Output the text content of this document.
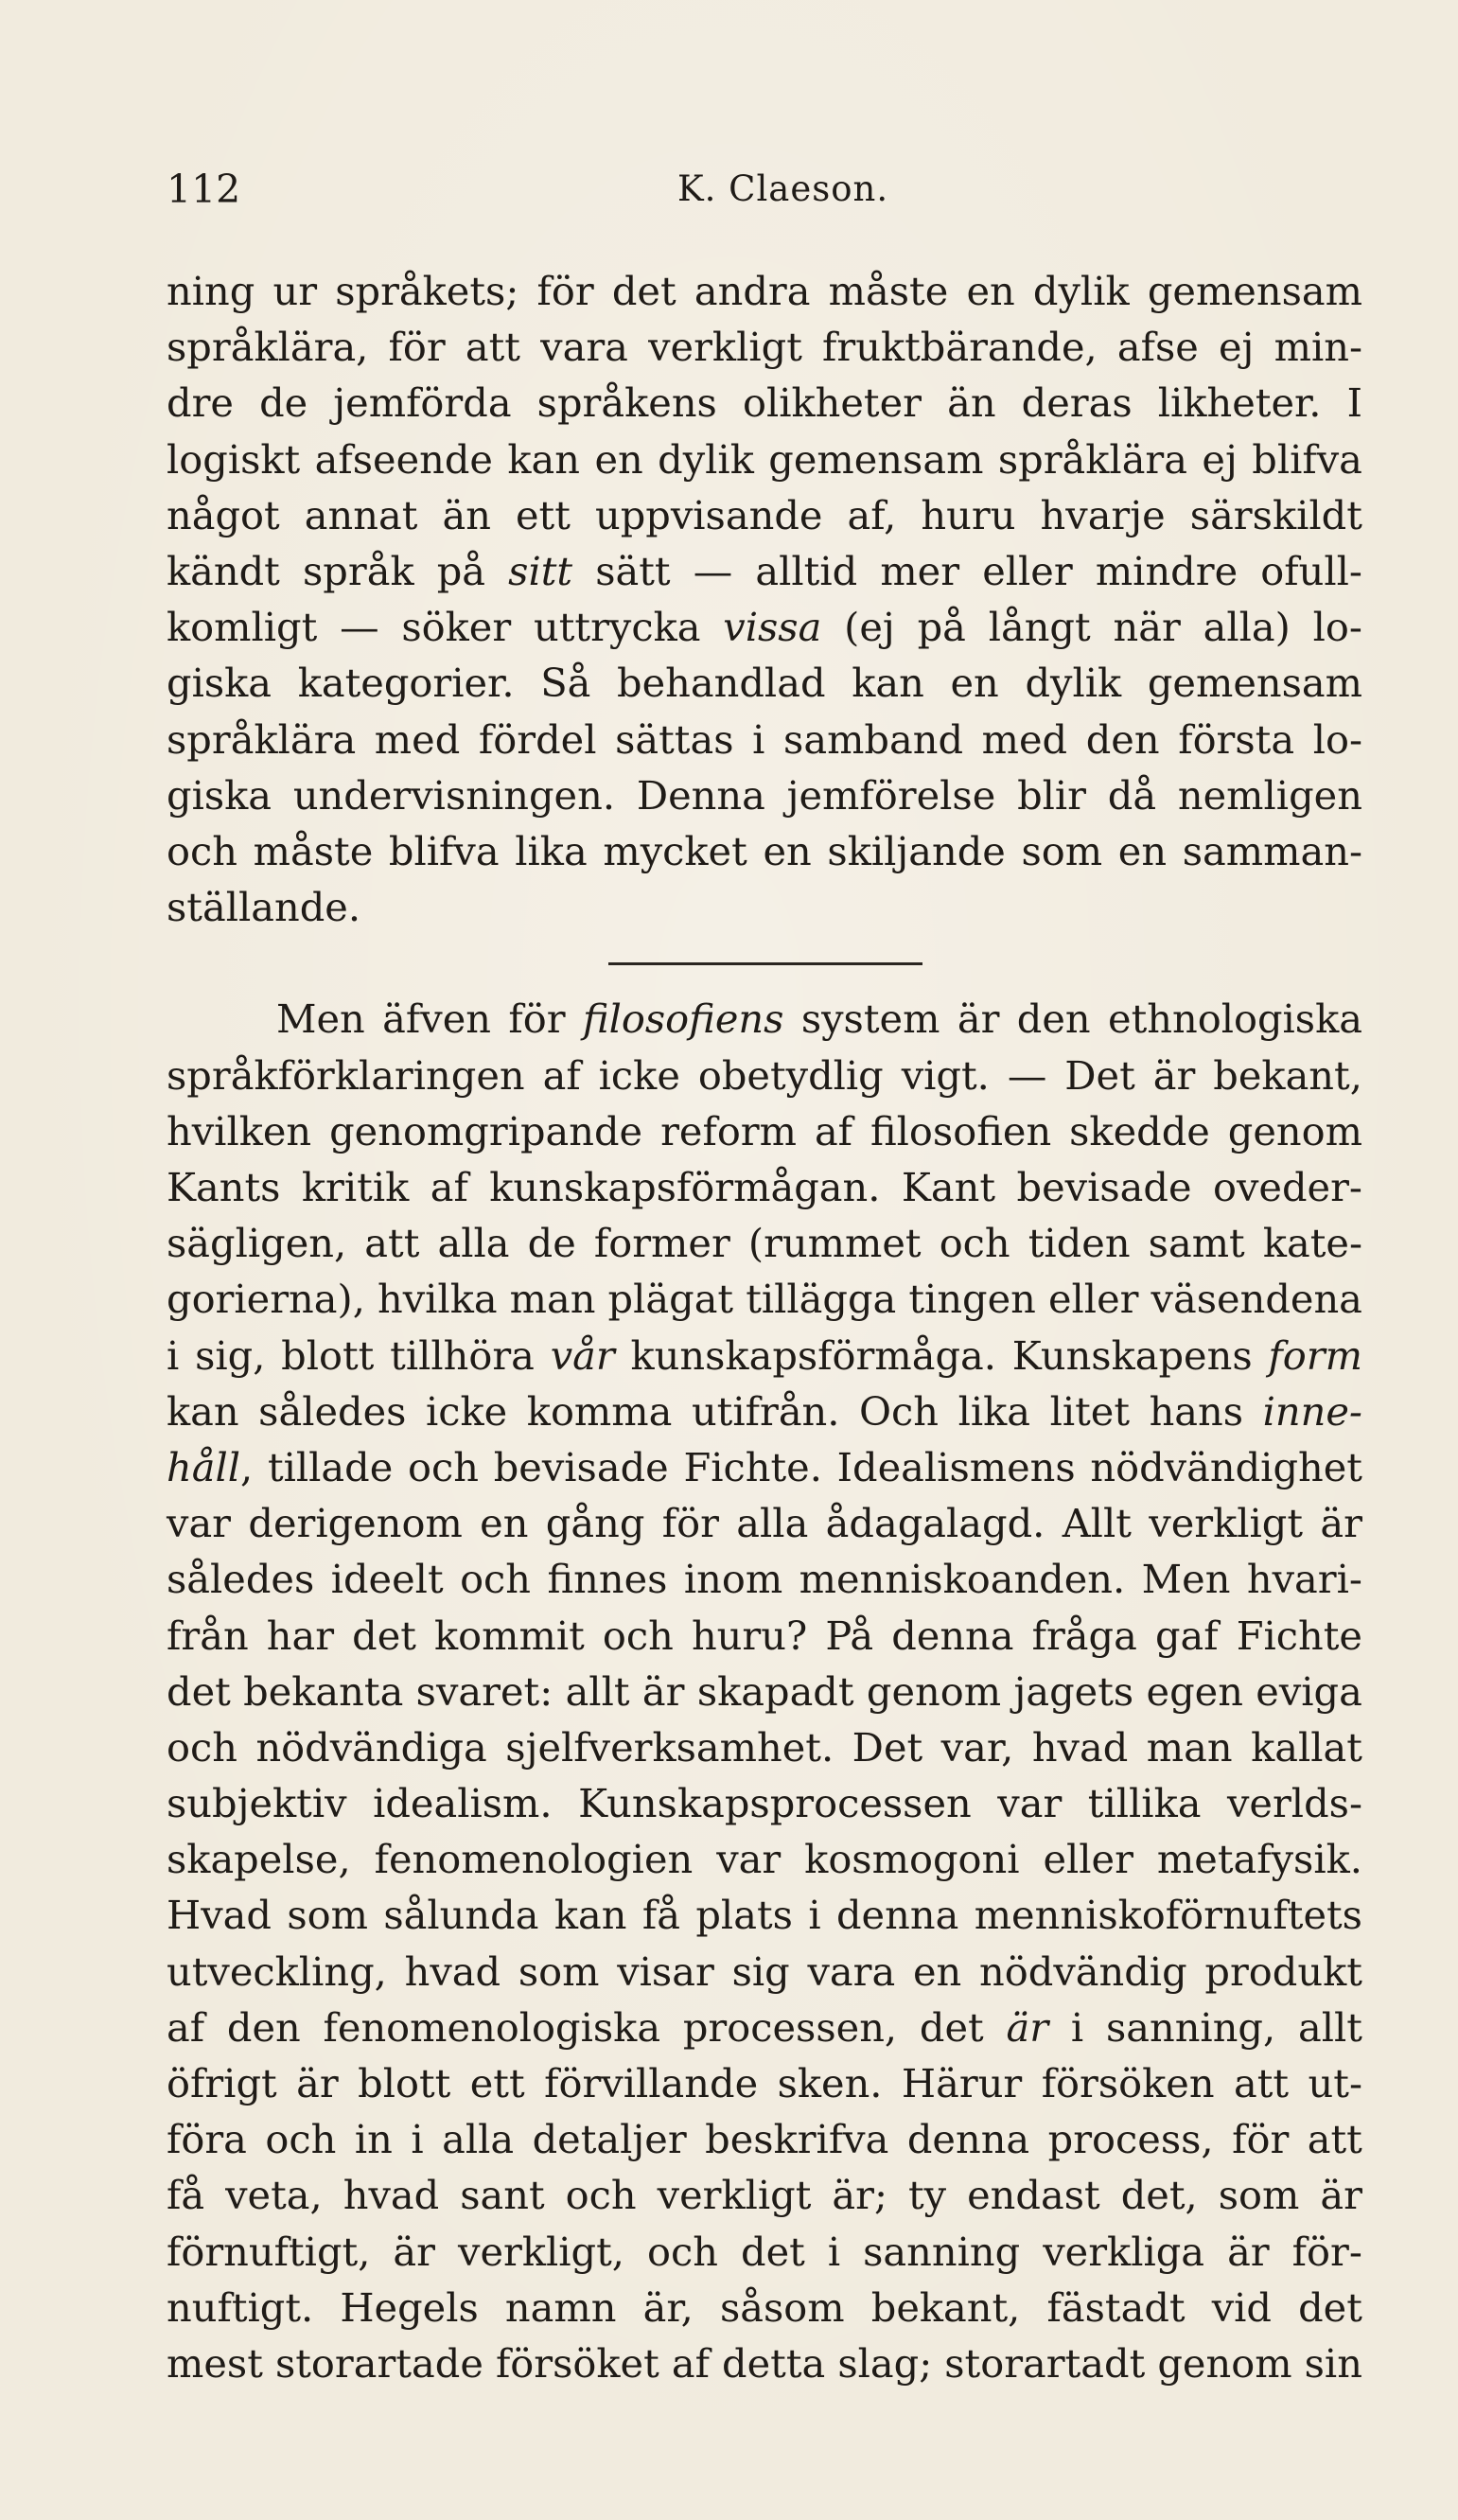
112	K. Claeson.
ning ur språkets; för det andra måste en dylik gemensam
språklära, för att vara verkligt fruktbärande, afse ej min-
dre de jemförda språkens olikheter än deras likheter. I
logiskt afseende kan en dylik gemensam språklära ej blifva
något annat än ett uppvisande af, huru hvarje särskildt
kändt språk på sitt sätt — alltid mer eller mindre ofull-
komligt — söker uttrycka vissa (ej på långt när alla) lo-
giska kategorier. Så behandlad kan en dylik gemensam
språklära med fördel sättas i samband med den första lo-
giska undervisningen. Denna jemförelse blir då nemligen
och måste blifva lika mycket en skiljande som en samman-
ställande.
Men äfven för filosofiens system är den ethnologiska
språkförklaringen af icke obetydlig vigt. — Det är bekant,
hvilken genomgripande reform af filosofien skedde genom
Kants kritik af kunskapsförmågan. Kant bevisade oveder-
sägligen, att alla de former (rummet och tiden samt kate-
gorierna), hvilka man plägat tillägga tingen eller väsendena
i sig, blott tillhöra vår kunskapsförmåga. Kunskapens form
kan således icke komma utifrån. Och lika litet hans inne-
håll, tillade och bevisade Fichte. Idealismens nödvändighet
var derigenom en gång för alla ådagalagd. Allt verkligt är
således ideelt och finnes inom menniskoanden. Men hvari-
från har det kommit och huru? På denna fråga gaf Fichte
det bekanta svaret: allt är skapadt genom jagets egen eviga
och nödvändiga sjelfverksamhet. Det var, hvad man kallat
subjektiv idealism. Kunskapsprocessen var tillika verlds-
skapelse, fenomenologien var kosmogoni eller metafysik.
Hvad som sålunda kan få plats i denna menniskoförnuftets
utveckling, hvad som visar sig vara en nödvändig produkt
af den fenomenologiska processen, det är i sanning, allt
öfrigt är blott ett förvillande sken. Härur försöken att ut-
föra och in i alla detaljer beskrifva denna process, för att
få veta, hvad sant och verkligt är; ty endast det, som är
förnuftigt, är verkligt, och det i sanning verkliga är för-
nuftigt. Hegels namn är, såsom bekant, fästadt vid det
mest storartade försöket af detta slag; storartadt genom sin
